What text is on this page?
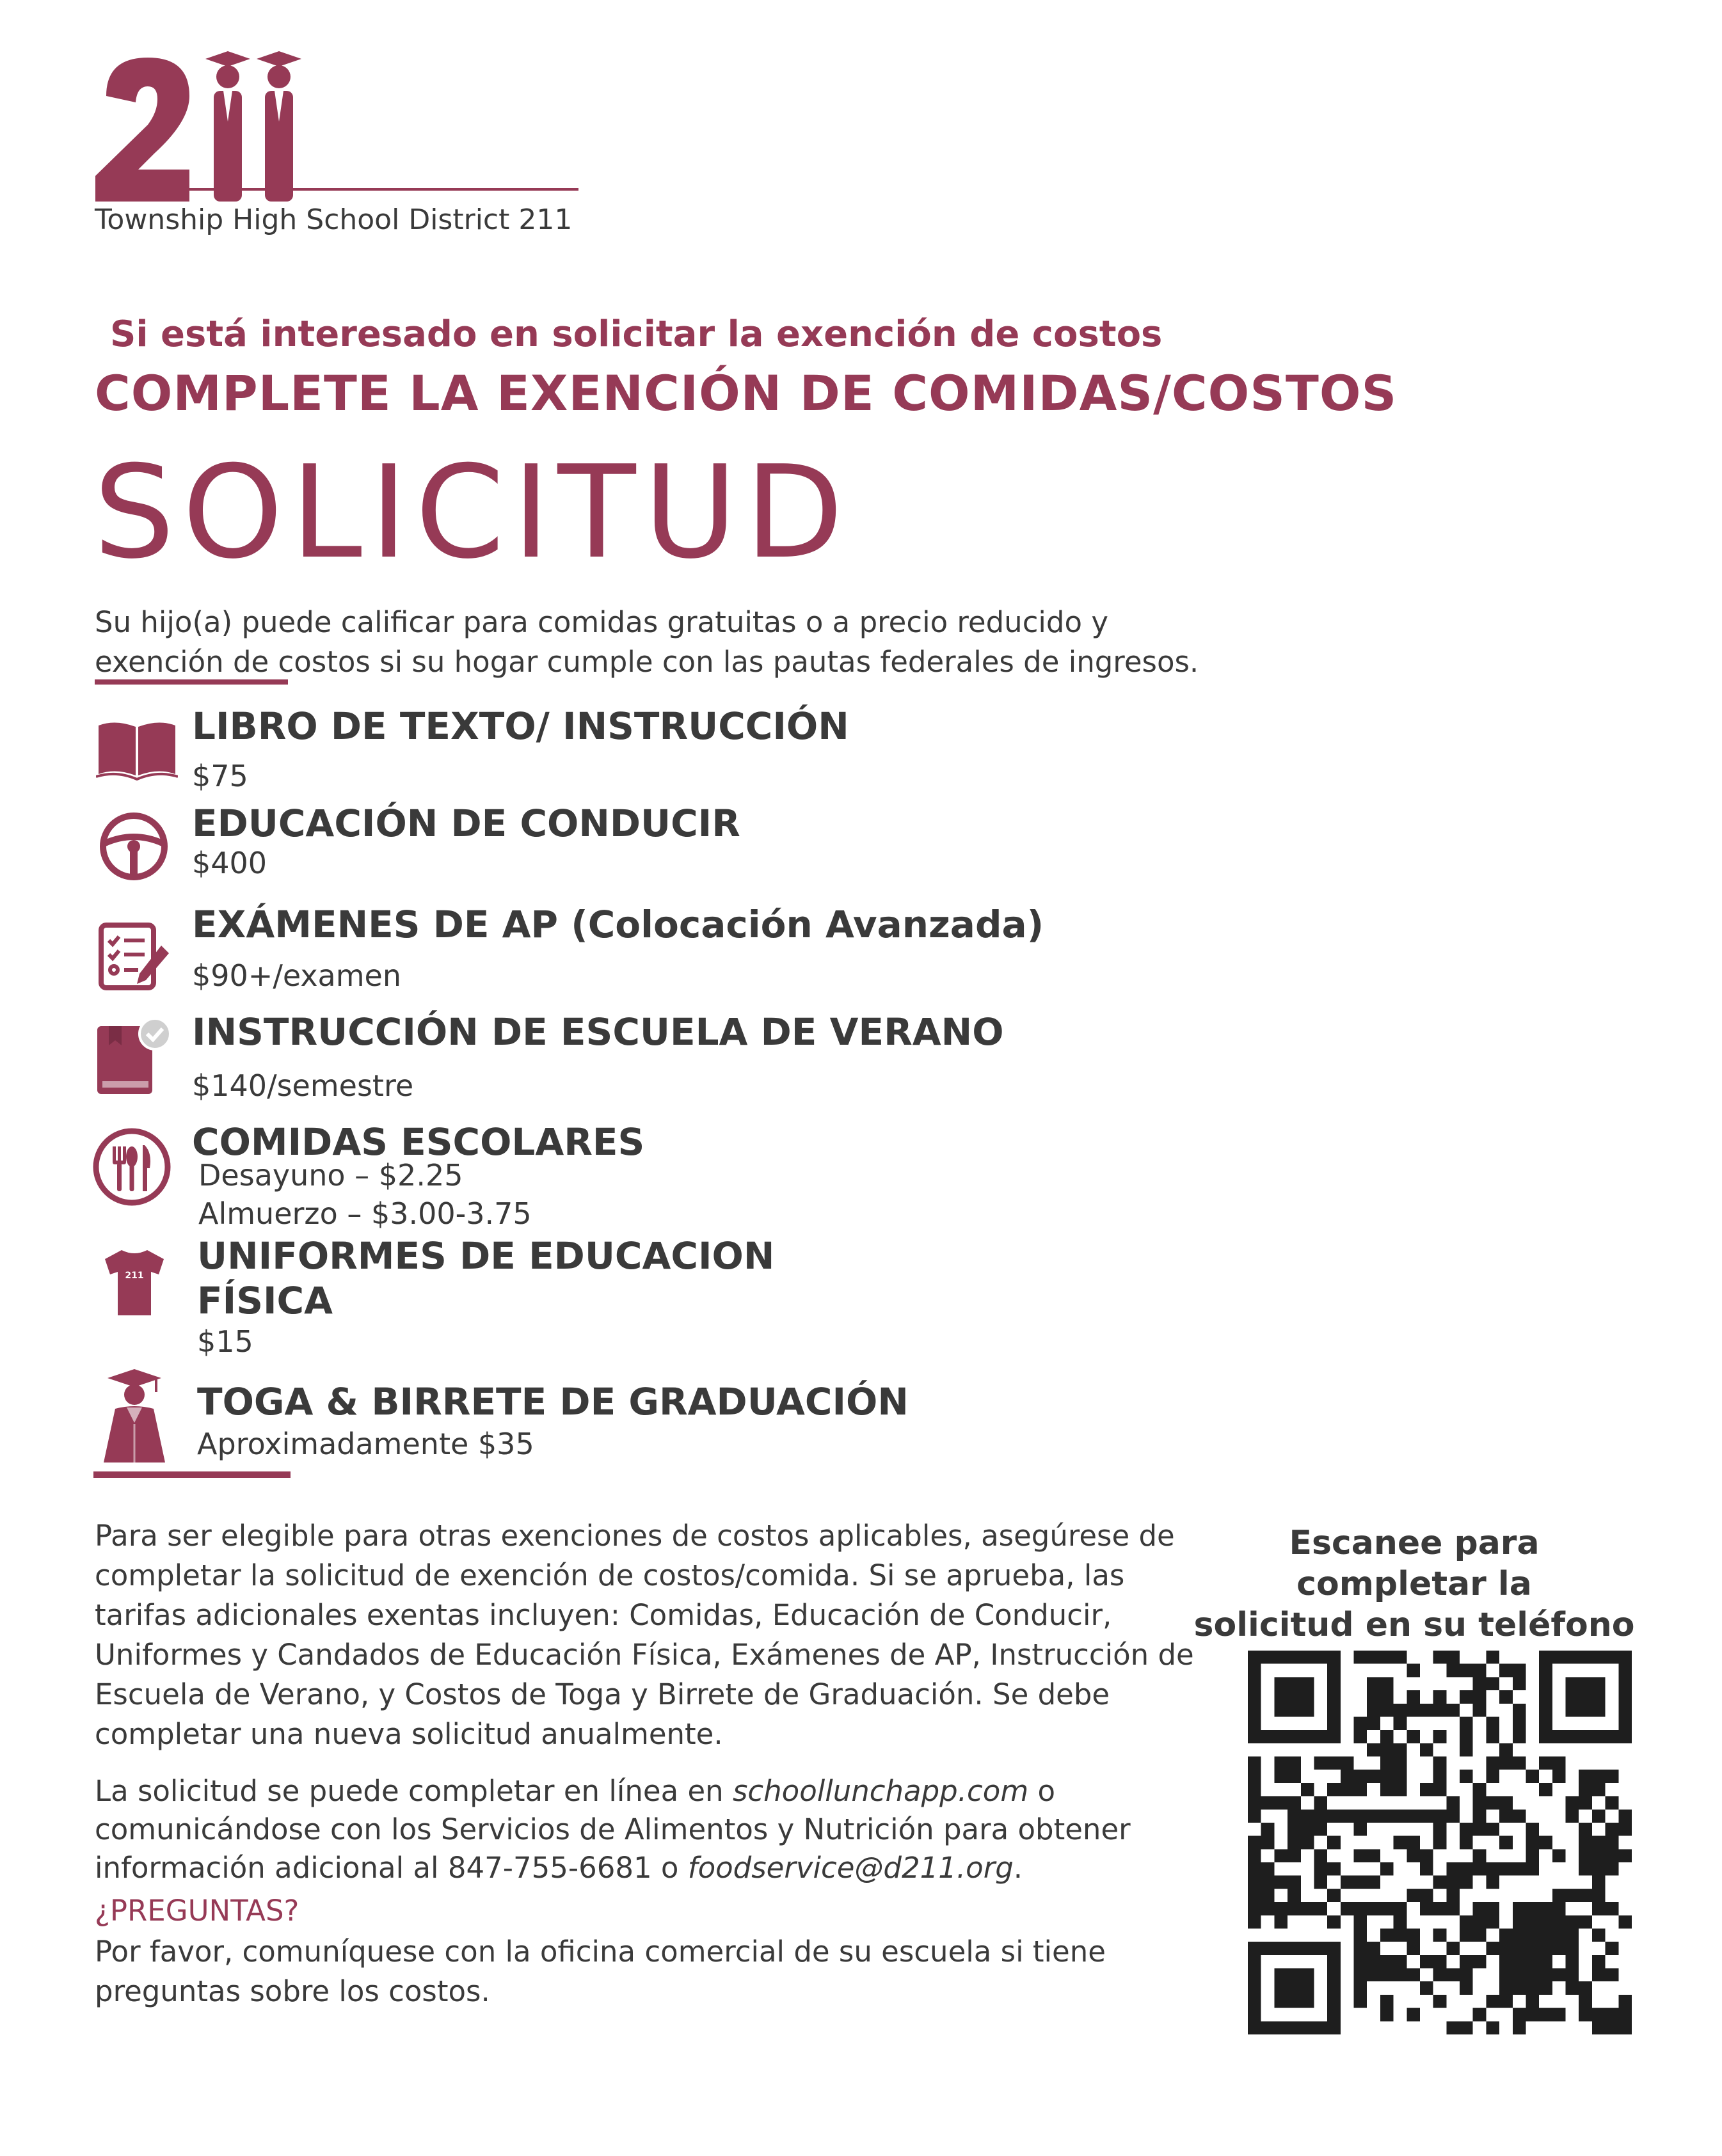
Township High School District 211
Si está interesado en solicitar la exención de costos
COMPLETE LA EXENCIÓN DE COMIDAS/COSTOS
SOLICITUD
Su hijo(a) puede calificar para comidas gratuitas o a precio reducido y
exención de costos si su hogar cumple con las pautas federales de ingresos.
LIBRO DE TEXTO/ INSTRUCCIÓN
$75
EDUCACIÓN DE CONDUCIR
$400
EXÁMENES DE AP (Colocación Avanzada)
$90+/examen
INSTRUCCIÓN DE ESCUELA DE VERANO
$140/semestre
COMIDAS ESCOLARES
Desayuno – $2.25
Almuerzo – $3.00-3.75
211 UNIFORMES DE EDUCACION
FÍSICA
$15
TOGA & BIRRETE DE GRADUACIÓN
Aproximadamente $35
Para ser elegible para otras exenciones de costos aplicables, asegúrese de
completar la solicitud de exención de costos/comida. Si se aprueba, las
tarifas adicionales exentas incluyen: Comidas, Educación de Conducir,
Uniformes y Candados de Educación Física, Exámenes de AP, Instrucción de
Escuela de Verano, y Costos de Toga y Birrete de Graduación. Se debe
completar una nueva solicitud anualmente.
La solicitud se puede completar en línea en schoollunchapp.com o
comunicándose con los Servicios de Alimentos y Nutrición para obtener
información adicional al 847-755-6681 o foodservice@d211.org.
¿PREGUNTAS?
Por favor, comuníquese con la oficina comercial de su escuela si tiene
preguntas sobre los costos.
Escanee para completar la
solicitud en su teléfono
